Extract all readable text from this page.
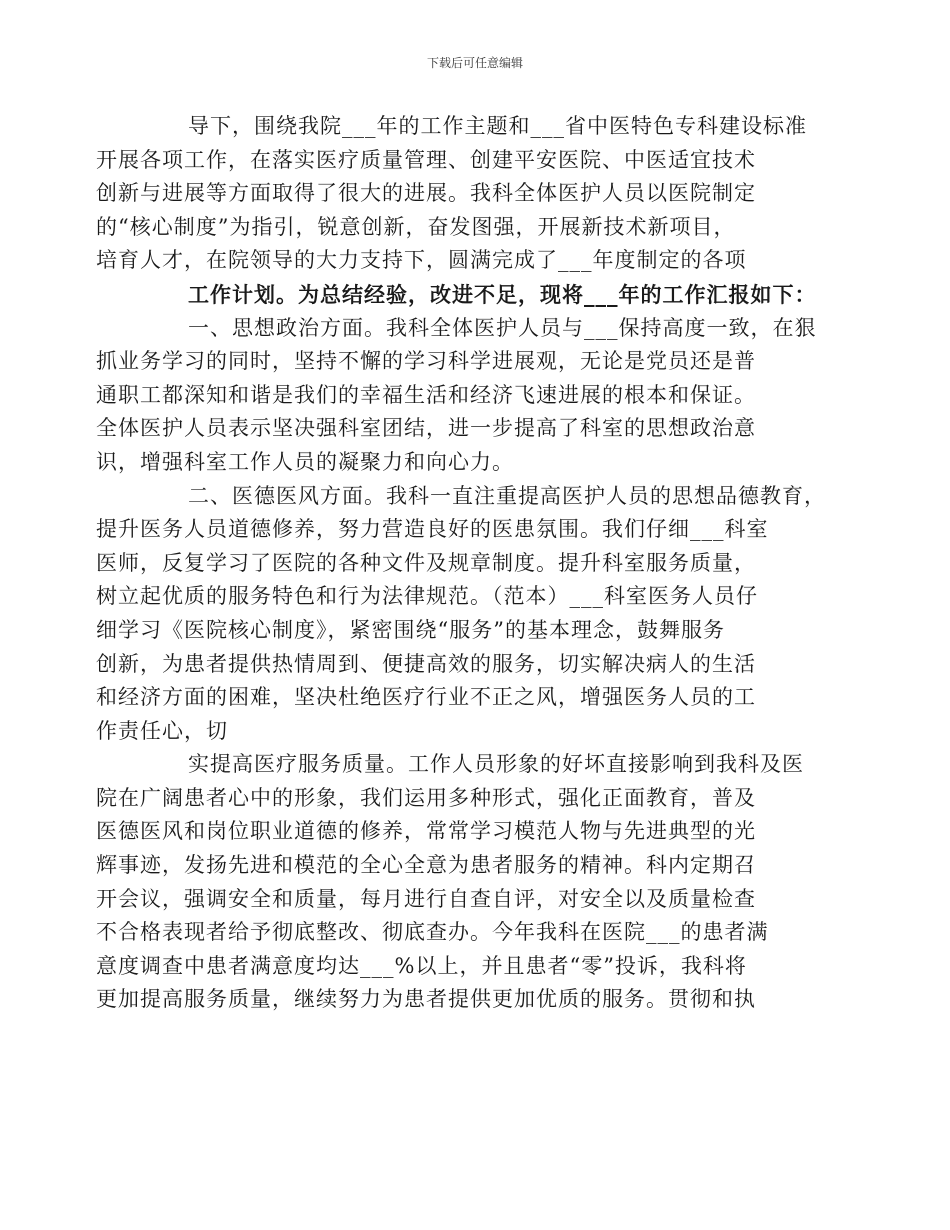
下载后可任意编辑

导下，围绕我院___年的工作主题和___省中医特色专科建设标准
开展各项工作，在落实医疗质量管理、创建平安医院、中医适宜技术
创新与进展等方面取得了很大的进展。我科全体医护人员以医院制定
的“核心制度”为指引，锐意创新，奋发图强，开展新技术新项目，
培育人才，在院领导的大力支持下，圆满完成了___年度制定的各项

工作计划。为总结经验，改进不足，现将___年的工作汇报如下：

一、思想政治方面。我科全体医护人员与___保持高度一致，在狠
抓业务学习的同时，坚持不懈的学习科学进展观，无论是党员还是普
通职工都深知和谐是我们的幸福生活和经济飞速进展的根本和保证。
全体医护人员表示坚决强科室团结，进一步提高了科室的思想政治意
识，增强科室工作人员的凝聚力和向心力。

二、医德医风方面。我科一直注重提高医护人员的思想品德教育，
提升医务人员道德修养，努力营造良好的医患氛围。我们仔细___科室
医师，反复学习了医院的各种文件及规章制度。提升科室服务质量，
树立起优质的服务特色和行为法律规范。（范本）___科室医务人员仔
细学习《医院核心制度》，紧密围绕“服务”的基本理念，鼓舞服务
创新，为患者提供热情周到、便捷高效的服务，切实解决病人的生活
和经济方面的困难，坚决杜绝医疗行业不正之风，增强医务人员的工
作责任心，切

实提高医疗服务质量。工作人员形象的好坏直接影响到我科及医
院在广阔患者心中的形象，我们运用多种形式，强化正面教育，普及
医德医风和岗位职业道德的修养，常常学习模范人物与先进典型的光
辉事迹，发扬先进和模范的全心全意为患者服务的精神。科内定期召
开会议，强调安全和质量，每月进行自查自评，对安全以及质量检查
不合格表现者给予彻底整改、彻底查办。今年我科在医院___的患者满
意度调查中患者满意度均达___%以上，并且患者“零”投诉，我科将
更加提高服务质量，继续努力为患者提供更加优质的服务。贯彻和执
